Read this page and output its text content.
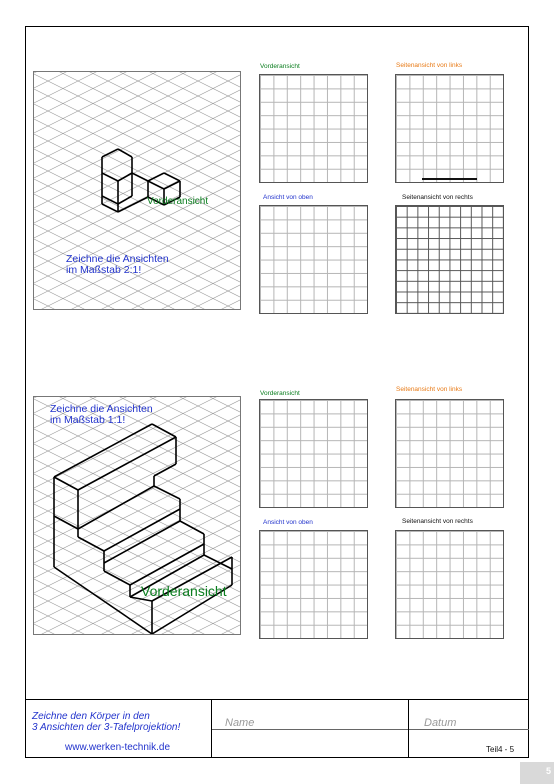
Zeichne die Ansichten
im Maßstab 2:1!
Vorderansicht
Vorderansicht	Seitenansicht von links
Ansicht von oben	Seitenansicht von rechts
Zeichne die Ansichten
im Maßstab 1:1!
Vorderansicht
Vorderansicht
Seitenansicht von links
Ansicht von oben	Seitenansicht von rechts
Zeichne den Körper in den
3 Ansichten der 3-Tafelprojektion!
www.werken-technik.de
Name	Datum
Teil4 - 5
5
